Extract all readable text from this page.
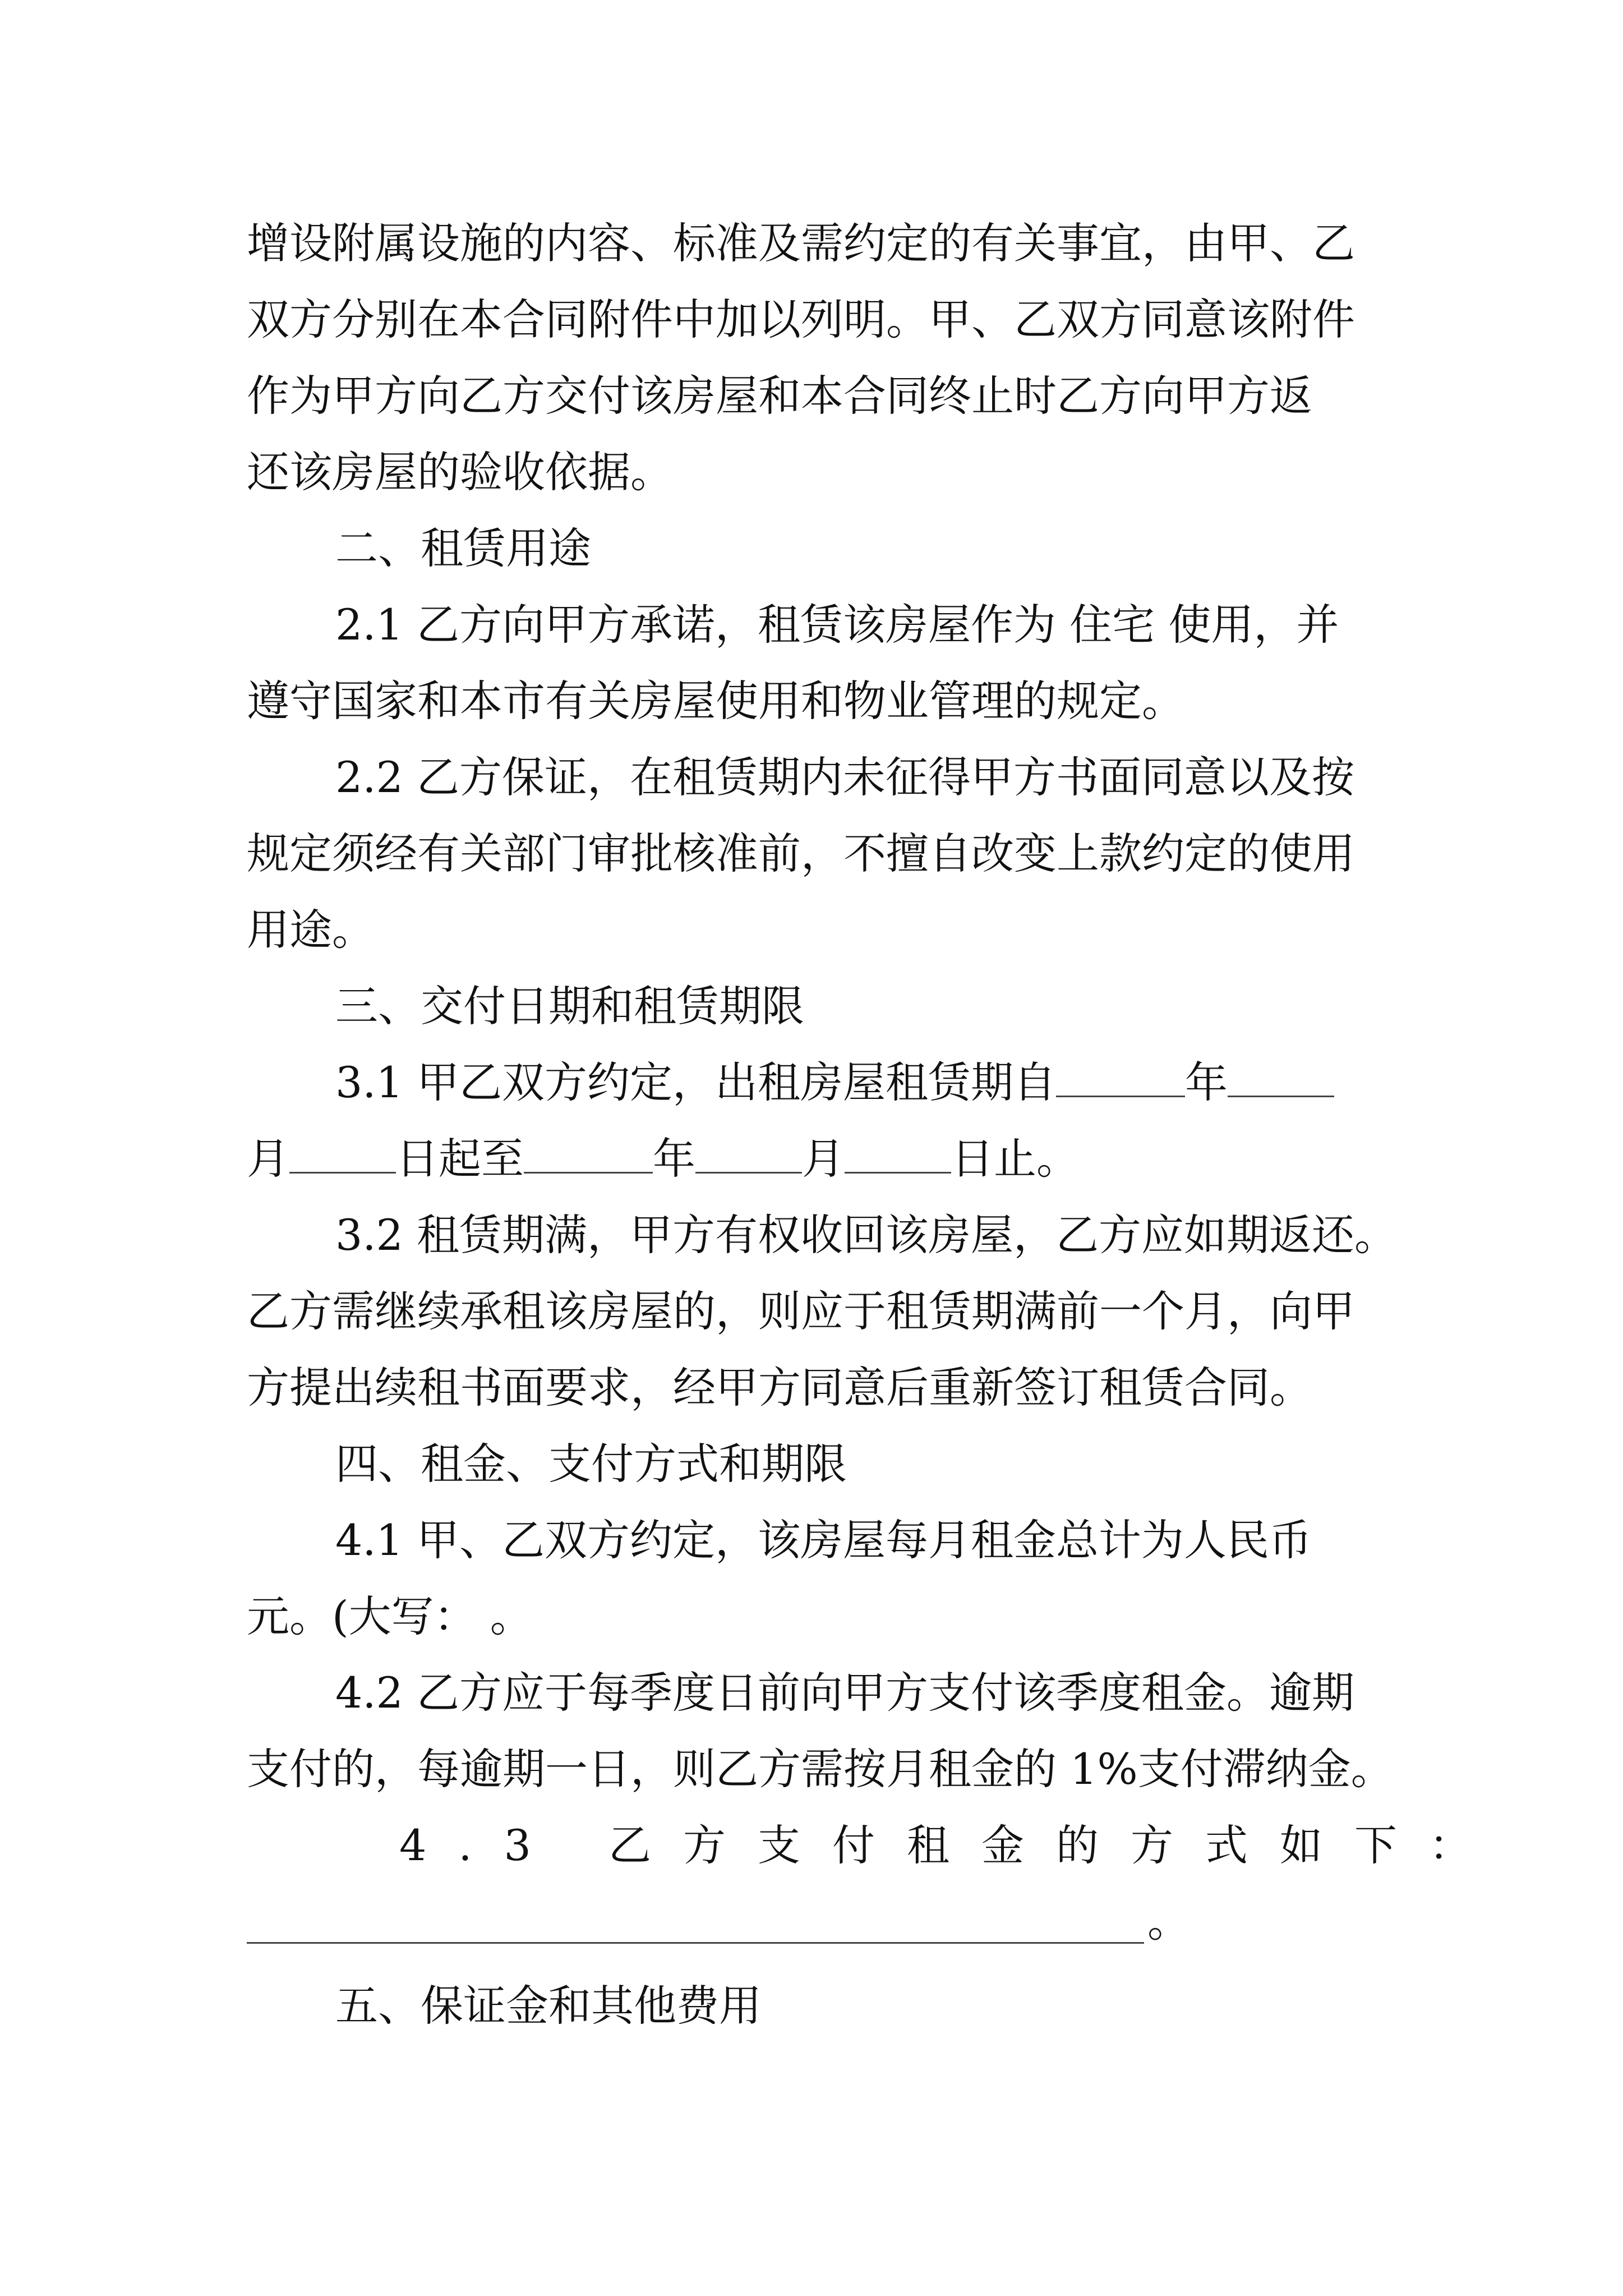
增设附属设施的内容、标准及需约定的有关事宜，由甲、乙
双方分别在本合同附件中加以列明。甲、乙双方同意该附件
作为甲方向乙方交付该房屋和本合同终止时乙方向甲方返
还该房屋的验收依据。
二、租赁用途
2.1 乙方向甲方承诺，租赁该房屋作为 住宅 使用，并
遵守国家和本市有关房屋使用和物业管理的规定。
2.2 乙方保证，在租赁期内未征得甲方书面同意以及按
规定须经有关部门审批核准前，不擅自改变上款约定的使用
用途。
三、交付日期和租赁期限
3.1 甲乙双方约定，出租房屋租赁期自	年
月	日起至	年	月	日止。
3.2 租赁期满，甲方有权收回该房屋，乙方应如期返还。
乙方需继续承租该房屋的，则应于租赁期满前一个月，向甲
方提出续租书面要求，经甲方同意后重新签订租赁合同。
四、租金、支付方式和期限
4.1 甲、乙双方约定，该房屋每月租金总计为人民币
元。(大写： 。
4.2 乙方应于每季度日前向甲方支付该季度租金。逾期
支付的，每逾期一日，则乙方需按月租金的 1%支付滞纳金。
4.3 乙方支付租金的方式如下：
。
五、保证金和其他费用
